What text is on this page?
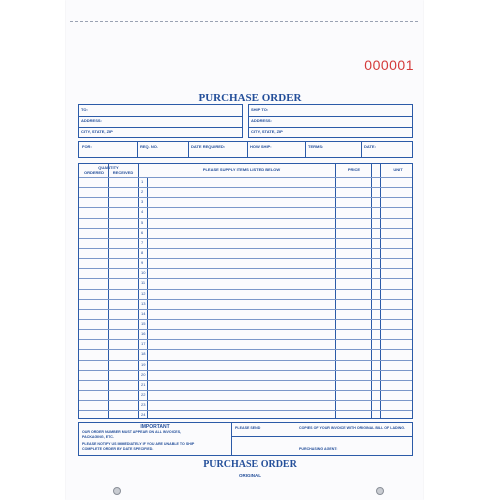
000001
PURCHASE ORDER
TO:
ADDRESS:
CITY, STATE, ZIP
SHIP TO:
ADDRESS:
CITY, STATE, ZIP
FOR:	REQ. NO.	DATE REQUIRED:	HOW SHIP:	TERMS:	DATE:
QUANTITY
ORDERED	RECEIVED
PLEASE SUPPLY ITEMS LISTED BELOW	PRICE	UNIT
1
2
3
4
5
6
7
8
9
10
11
12
13
14
15
16
17
18
19
20
21
22
23
24
IMPORTANT
OUR ORDER NUMBER MUST APPEAR ON ALL INVOICES,
PACKAGING, ETC.
PLEASE NOTIFY US IMMEDIATELY IF YOU ARE UNABLE TO SHIP
COMPLETE ORDER BY DATE SPECIFIED.
PLEASE SEND	COPIES OF YOUR INVOICE WITH ORIGINAL BILL OF LADING.
PURCHASING AGENT:
PURCHASE ORDER
ORIGINAL
